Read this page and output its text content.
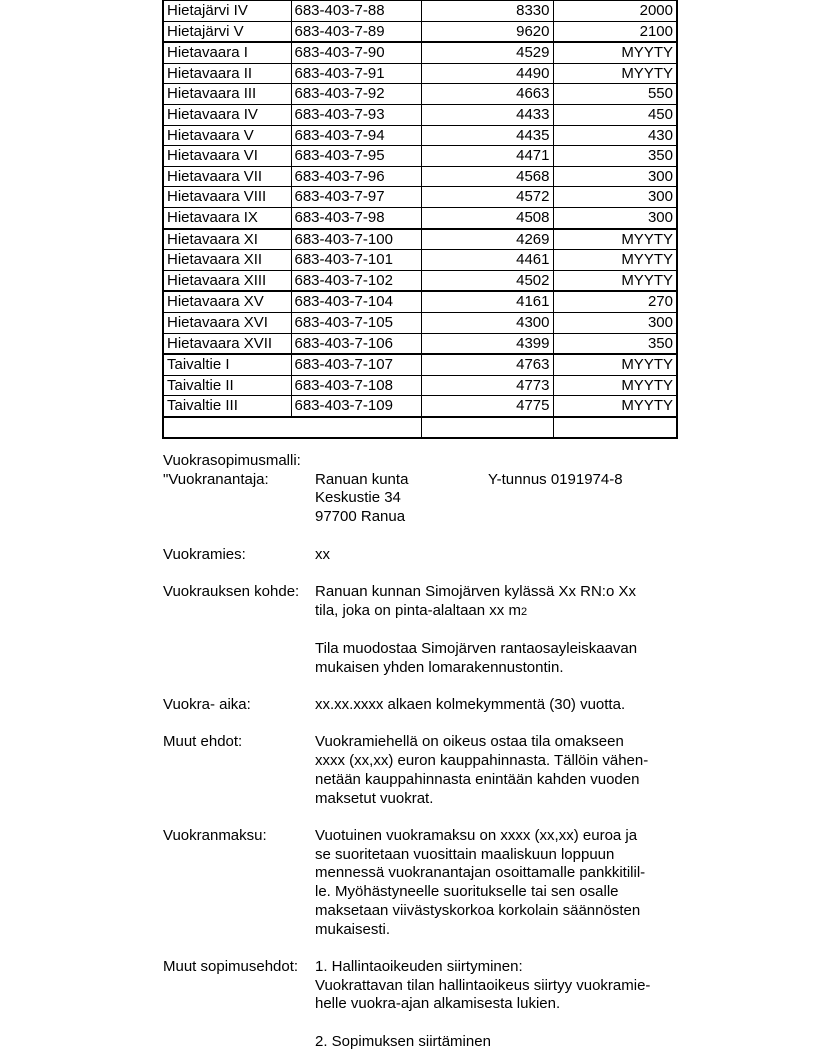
Hietajärvi IV	683-403-7-88	8330	2000
Hietajärvi V	683-403-7-89	9620	2100
Hietavaara I	683-403-7-90	4529	MYYTY
Hietavaara II	683-403-7-91	4490	MYYTY
Hietavaara III	683-403-7-92	4663	550
Hietavaara IV	683-403-7-93	4433	450
Hietavaara V	683-403-7-94	4435	430
Hietavaara VI	683-403-7-95	4471	350
Hietavaara VII	683-403-7-96	4568	300
Hietavaara VIII	683-403-7-97	4572	300
Hietavaara IX	683-403-7-98	4508	300
Hietavaara XI	683-403-7-100	4269	MYYTY
Hietavaara XII	683-403-7-101	4461	MYYTY
Hietavaara XIII	683-403-7-102	4502	MYYTY
Hietavaara XV	683-403-7-104	4161	270
Hietavaara XVI	683-403-7-105	4300	300
Hietavaara XVII	683-403-7-106	4399	350
Taivaltie I	683-403-7-107	4763	MYYTY
Taivaltie II	683-403-7-108	4773	MYYTY
Taivaltie III	683-403-7-109	4775	MYYTY

Vuokrasopimusmalli:
"Vuokranantaja:	Ranuan kunta	Y-tunnus 0191974-8
Keskustie 34
97700 Ranua
Vuokramies:	xx
Vuokrauksen kohde:	Ranuan kunnan Simojärven kylässä Xx RN:o Xx
tila, joka on pinta-alaltaan xx m2

Tila muodostaa Simojärven rantaosayleiskaavan
mukaisen yhden lomarakennustontin.
Vuokra- aika:	xx.xx.xxxx alkaen kolmekymmentä (30) vuotta.
Muut ehdot:	Vuokramiehellä on oikeus ostaa tila omakseen
xxxx (xx,xx) euron kauppahinnasta. Tällöin vähen-
netään kauppahinnasta enintään kahden vuoden
maksetut vuokrat.
Vuokranmaksu:	Vuotuinen vuokramaksu on xxxx (xx,xx) euroa ja
se suoritetaan vuosittain maaliskuun loppuun
mennessä vuokranantajan osoittamalle pankkitilil-
le. Myöhästyneelle suoritukselle tai sen osalle
maksetaan viivästyskorkoa korkolain säännösten
mukaisesti.
Muut sopimusehdot:	1. Hallintaoikeuden siirtyminen:
Vuokrattavan tilan hallintaoikeus siirtyy vuokramie-
helle vuokra-ajan alkamisesta lukien.

2. Sopimuksen siirtäminen
